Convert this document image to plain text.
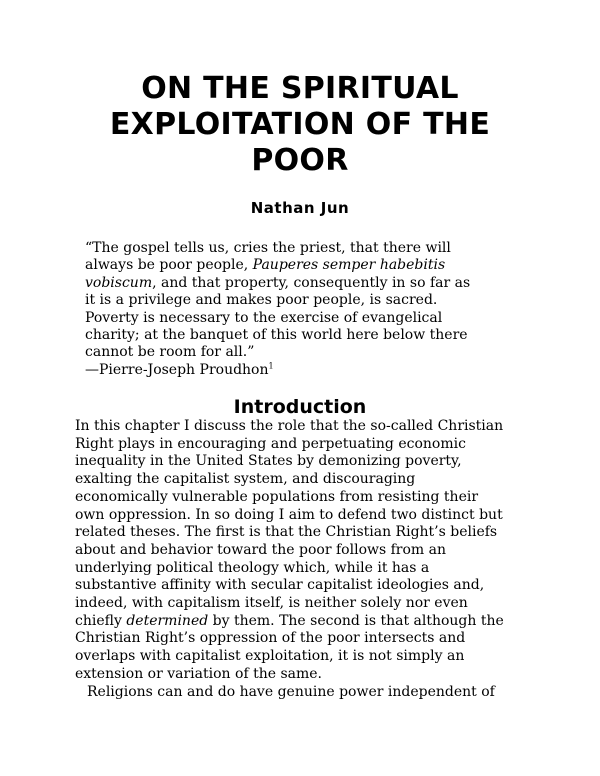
ON THE SPIRITUAL
EXPLOITATION OF THE
POOR
Nathan Jun
“The gospel tells us, cries the priest, that there will
always be poor people, Pauperes semper habebitis
vobiscum, and that property, consequently in so far as
it is a privilege and makes poor people, is sacred.
Poverty is necessary to the exercise of evangelical
charity; at the banquet of this world here below there
cannot be room for all.”
—Pierre-Joseph Proudhon$^1$
Introduction
In this chapter I discuss the role that the so-called Christian
Right plays in encouraging and perpetuating economic
inequality in the United States by demonizing poverty,
exalting the capitalist system, and discouraging
economically vulnerable populations from resisting their
own oppression. In so doing I aim to defend two distinct but
related theses. The first is that the Christian Right’s beliefs
about and behavior toward the poor follows from an
underlying political theology which, while it has a
substantive affinity with secular capitalist ideologies and,
indeed, with capitalism itself, is neither solely nor even
chiefly determined by them. The second is that although the
Christian Right’s oppression of the poor intersects and
overlaps with capitalist exploitation, it is not simply an
extension or variation of the same.
Religions can and do have genuine power independent of
